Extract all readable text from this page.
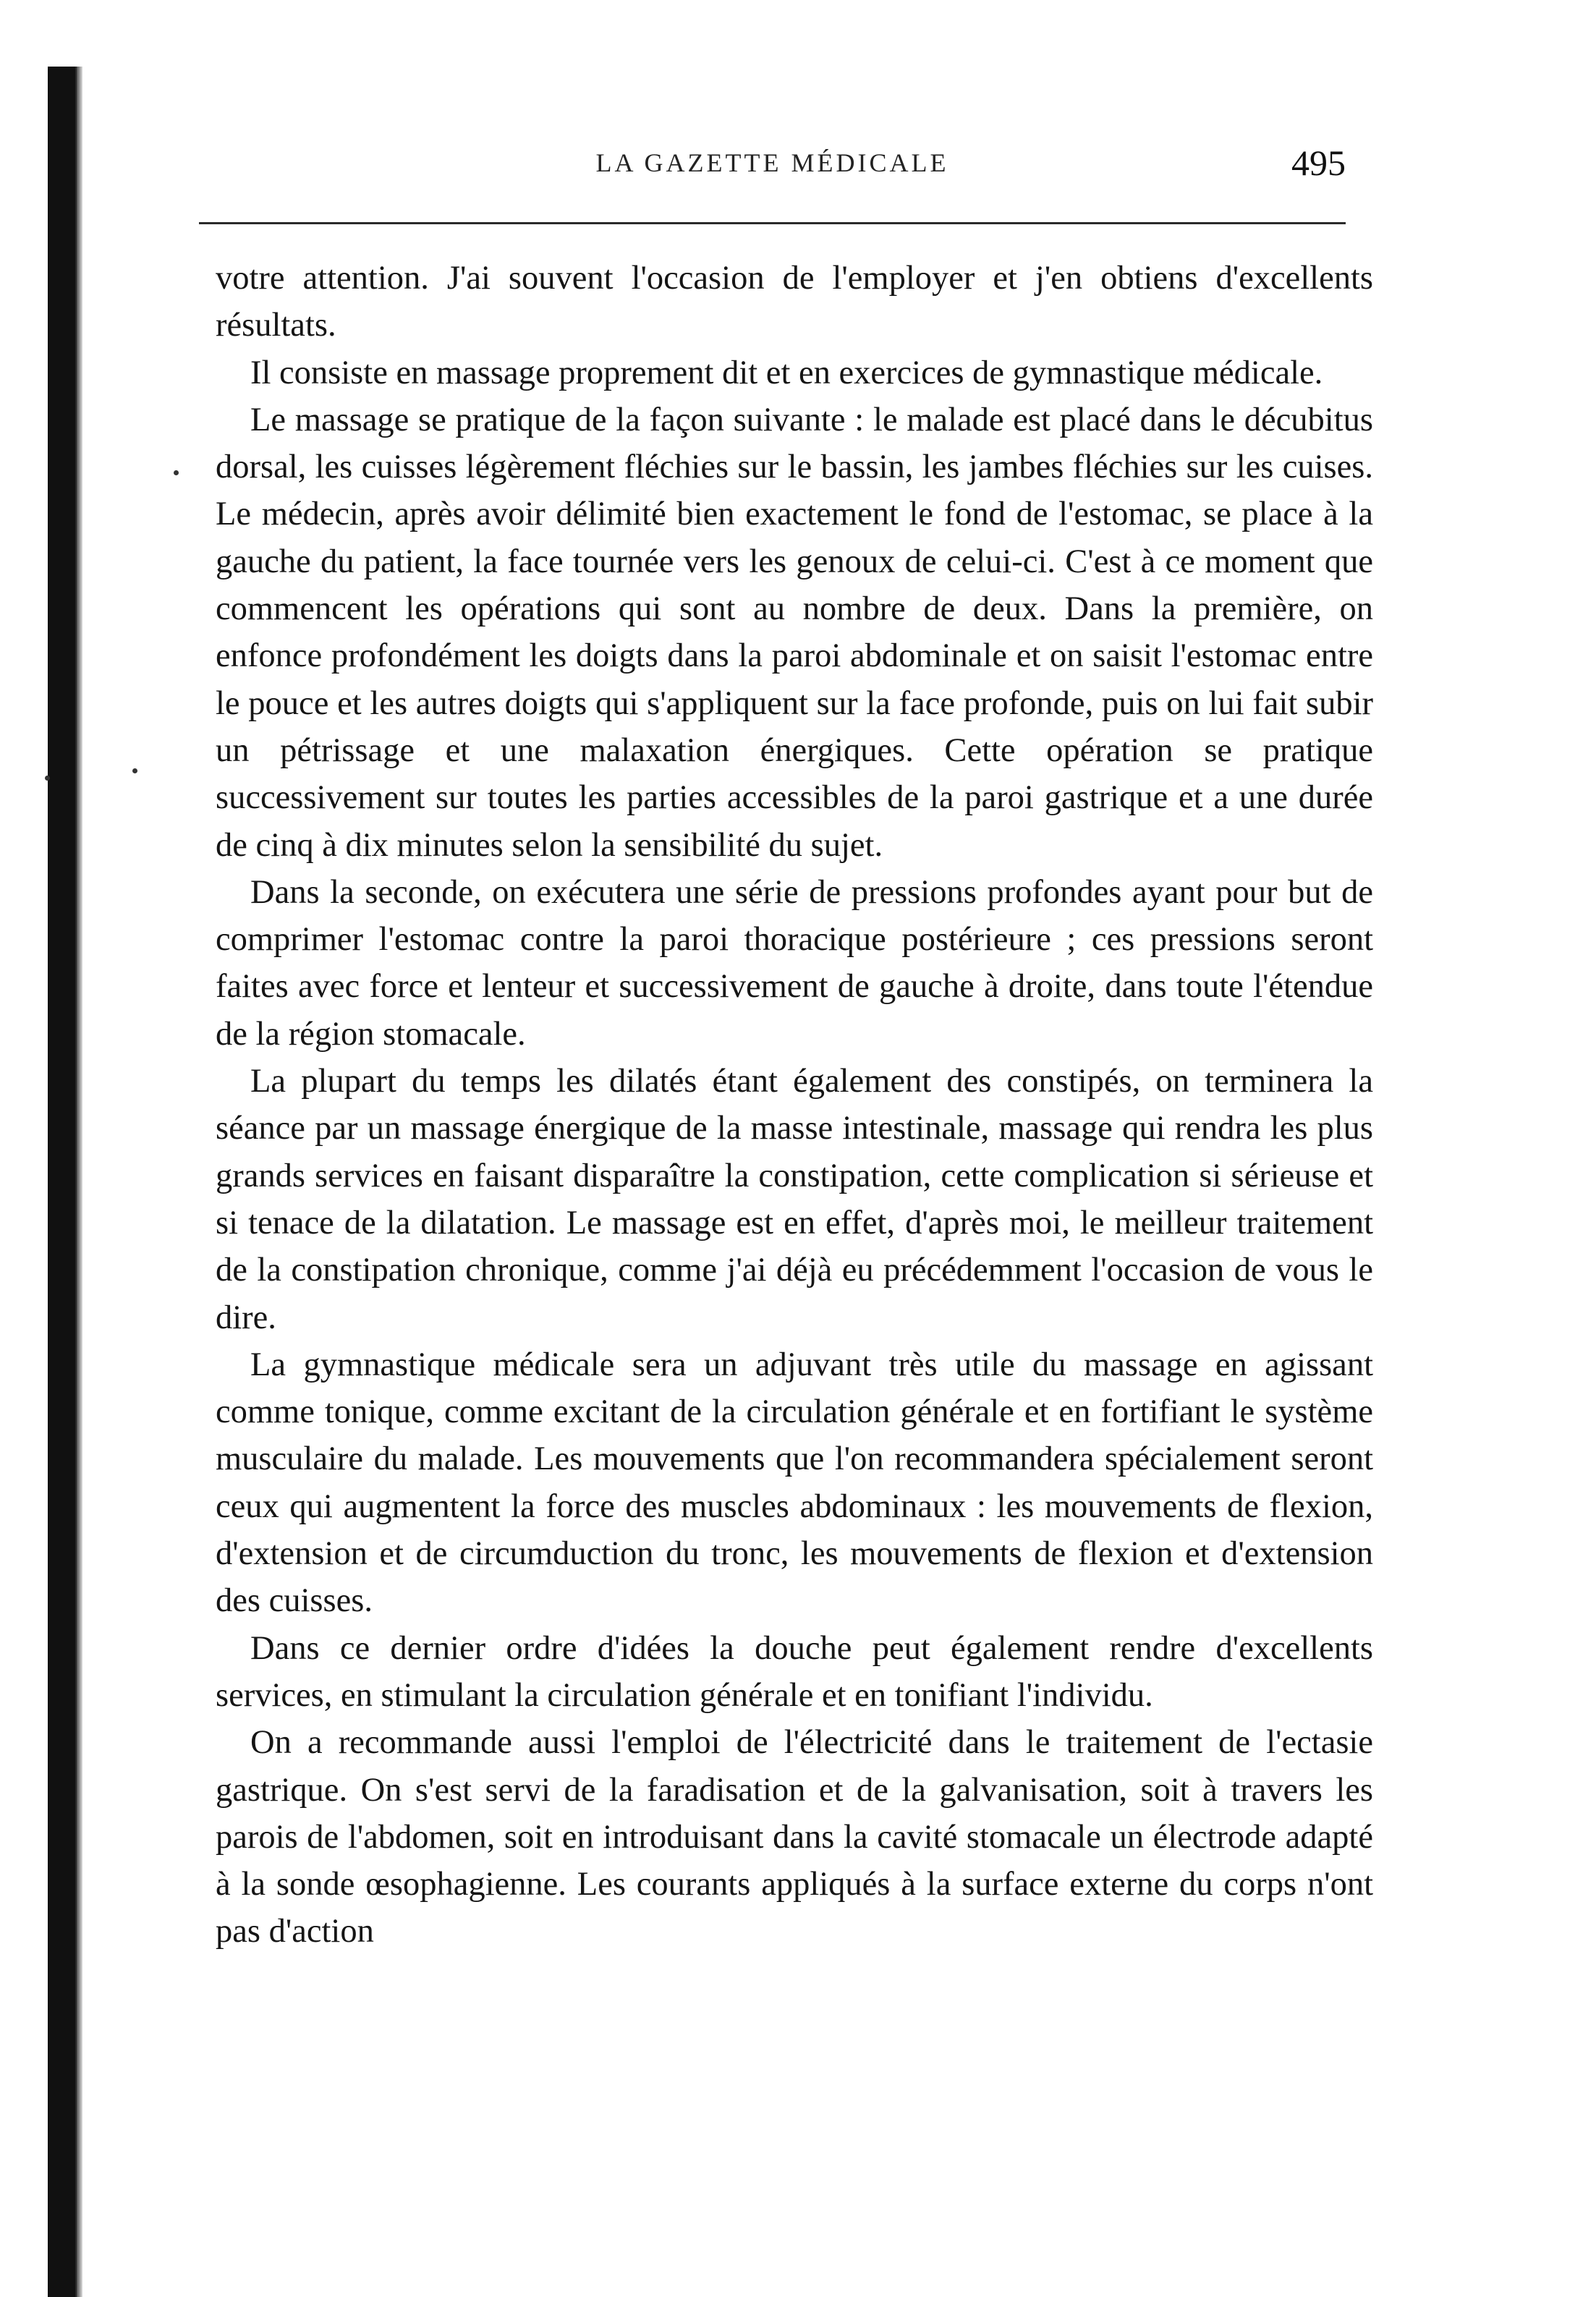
LA GAZETTE MÉDICALE	495

votre attention. J'ai souvent l'occasion de l'employer et j'en obtiens d'excellents résultats.

Il consiste en massage proprement dit et en exercices de gymnastique médicale.

Le massage se pratique de la façon suivante : le malade est placé dans le décubitus dorsal, les cuisses légèrement fléchies sur le bassin, les jambes fléchies sur les cuises. Le médecin, après avoir délimité bien exactement le fond de l'estomac, se place à la gauche du patient, la face tournée vers les genoux de celui-ci. C'est à ce moment que commencent les opérations qui sont au nombre de deux. Dans la première, on enfonce profondément les doigts dans la paroi abdominale et on saisit l'estomac entre le pouce et les autres doigts qui s'appliquent sur la face profonde, puis on lui fait subir un pétrissage et une malaxation énergiques. Cette opération se pratique successivement sur toutes les parties accessibles de la paroi gastrique et a une durée de cinq à dix minutes selon la sensibilité du sujet.

Dans la seconde, on exécutera une série de pressions profondes ayant pour but de comprimer l'estomac contre la paroi thoracique postérieure ; ces pressions seront faites avec force et lenteur et successivement de gauche à droite, dans toute l'étendue de la région stomacale.

La plupart du temps les dilatés étant également des constipés, on terminera la séance par un massage énergique de la masse intestinale, massage qui rendra les plus grands services en faisant disparaître la constipation, cette complication si sérieuse et si tenace de la dilatation. Le massage est en effet, d'après moi, le meilleur traitement de la constipation chronique, comme j'ai déjà eu précédemment l'occasion de vous le dire.

La gymnastique médicale sera un adjuvant très utile du massage en agissant comme tonique, comme excitant de la circulation générale et en fortifiant le système musculaire du malade. Les mouvements que l'on recommandera spécialement seront ceux qui augmentent la force des muscles abdominaux : les mouvements de flexion, d'extension et de circumduction du tronc, les mouvements de flexion et d'extension des cuisses.

Dans ce dernier ordre d'idées la douche peut également rendre d'excellents services, en stimulant la circulation générale et en tonifiant l'individu.

On a recommande aussi l'emploi de l'électricité dans le traitement de l'ectasie gastrique. On s'est servi de la faradisation et de la galvanisation, soit à travers les parois de l'abdomen, soit en introduisant dans la cavité stomacale un électrode adapté à la sonde œsophagienne. Les courants appliqués à la surface externe du corps n'ont pas d'action
